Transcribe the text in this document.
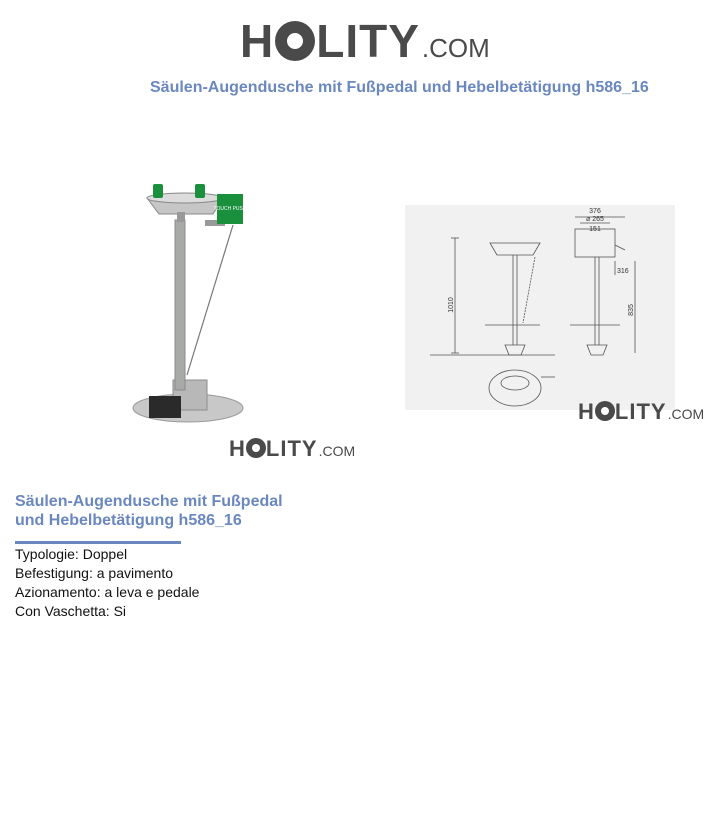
H LITY .COM
Säulen-Augendusche mit Fußpedal und Hebelbetätigung h586_16
TOUCH PUSH
H LITY .COM
376
⌀ 265
151
1010	835
316
H LITY .COM
Säulen-Augendusche mit Fußpedal
und Hebelbetätigung h586_16
Typologie: Doppel
Befestigung: a pavimento
Azionamento: a leva e pedale
Con Vaschetta: Si
